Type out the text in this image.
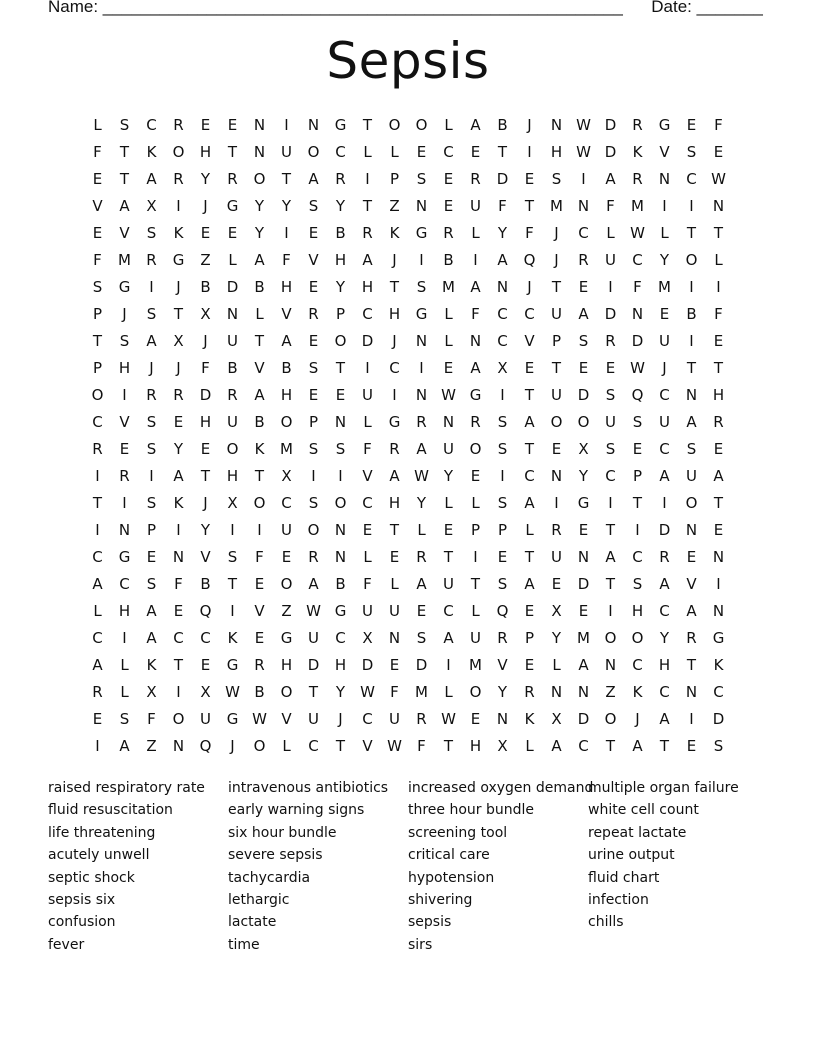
Name: _______________________________________________________ Date: _______
Sepsis
L	S	C	R	E	E	N	I	N	G	T	O	O	L	A	B	J	N W D	R	G	E	F
F	T	K	O	H	T	N	U	O	C	L	L	E	C	E	T	I	H W D	K	V	S	E
E	T	A	R	Y	R	O	T	A	R	I	P	S	E	R	D	E	S	I	A	R	N	C W
V	A	X	I	J	G	Y	Y	S	Y	T	Z	N	E	U	F	T	M N	F	M	I	I	N
E	V	S	K	E	E	Y	I	E	B	R	K	G	R	L	Y	F	J	C	L	W	L	T	T
F	M	R	G	Z	L	A	F	V	H	A	J	I	B	I	A	Q	J	R	U	C	Y	O	L
S	G	I	J	B	D	B	H	E	Y	H	T	S	M	A	N	J	T	E	I	F	M	I	I
P	J	S	T	X	N	L	V	R	P	C	H	G	L	F	C	C	U	A	D	N	E	B	F
T	S	A	X	J	U	T	A	E	O	D	J	N	L	N	C	V	P	S	R	D	U	I	E
P	H	J	J	F	B	V	B	S	T	I	C	I	E	A	X	E	T	E	E W	J	T	T
O	I	R	R	D	R	A	H	E	E	U	I	N W G	I	T	U	D	S	Q	C	N	H
C	V	S	E	H	U	B	O	P	N	L	G	R	N	R	S	A	O	O	U	S	U	A	R
R	E	S	Y	E	O	K	M	S	S	F	R	A	U	O	S	T	E	X	S	E	C	S	E
I	R	I	A	T	H	T	X	I	I	V	A W Y	E	I	C	N	Y	C	P	A	U	A
T	I	S	K	J	X	O	C	S	O	C	H	Y	L	L	S	A	I	G	I	T	I	O	T
I	N	P	I	Y	I	I	U	O	N	E	T	L	E	P	P	L	R	E	T	I	D	N	E
C	G	E	N	V	S	F	E	R	N	L	E	R	T	I	E	T	U	N	A	C	R	E	N
A	C	S	F	B	T	E	O	A	B	F	L	A	U	T	S	A	E	D	T	S	A	V	I
L	H	A	E	Q	I	V	Z W G	U	U	E	C	L	Q	E	X	E	I	H	C	A	N
C	I	A	C	C	K	E	G	U	C	X	N	S	A	U	R	P	Y	M O	O	Y	R	G
A	L	K	T	E	G	R	H	D	H	D	E	D	I	M	V	E	L	A	N	C	H	T	K
R	L	X	I	X W B	O	T	Y	W	F	M	L	O	Y	R	N	N	Z	K	C	N	C
E	S	F	O	U	G W V	U	J	C	U	R W E	N	K	X	D	O	J	A	I	D
I	A	Z	N	Q	J	O	L	C	T	V W	F	T	H	X	L	A	C	T	A	T	E	S
raised respiratory rate
fluid resuscitation
life threatening
acutely unwell
septic shock
sepsis six
confusion
fever
intravenous antibiotics
early warning signs
six hour bundle
severe sepsis
tachycardia
lethargic
lactate
time
increased oxygen demand
three hour bundle
screening tool
critical care
hypotension
shivering
sepsis
sirs
multiple organ failure
white cell count
repeat lactate
urine output
fluid chart
infection
chills
